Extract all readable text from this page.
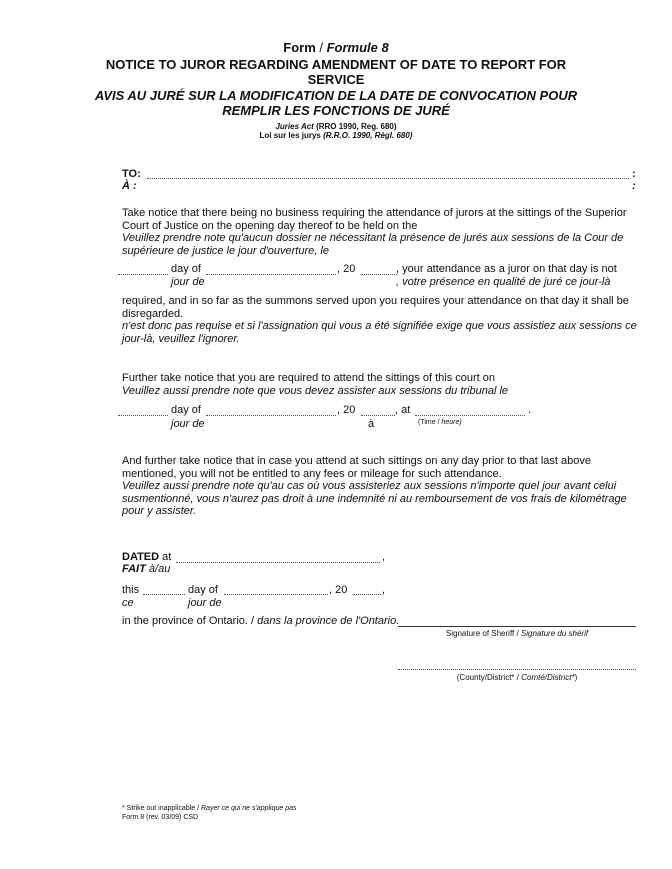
Form / Formule 8
NOTICE TO JUROR REGARDING AMENDMENT OF DATE TO REPORT FOR
SERVICE
AVIS AU JURÉ SUR LA MODIFICATION DE LA DATE DE CONVOCATION POUR
REMPLIR LES FONCTIONS DE JURÉ
Juries Act (RRO 1990, Reg. 680)
Loi sur les jurys (R.R.O. 1990, Règl. 680)
TO:
À :
:
:
Take notice that there being no business requiring the attendance of jurors at the sittings of the Superior Court of Justice on the opening day thereof to be held on the
Veuillez prendre note qu'aucun dossier ne nécessitant la présence de jurés aux sessions de la Cour de supérieure de justice le jour d'ouverture, le
day of	, 20	, your attendance as a juror on that day is not
jour de	, votre présence en qualité de juré ce jour-là
required, and in so far as the summons served upon you requires your attendance on that day it shall be disregarded.
n'est donc pas requise et si l'assignation qui vous a été signifiée exige que vous assistiez aux sessions ce jour-là, veuillez l'ignorer.
Further take notice that you are required to attend the sittings of this court on
Veuillez aussi prendre note que vous devez assister aux sessions du tribunal le
day of	, 20	, at	.
jour de	à	(Time / heure)
And further take notice that in case you attend at such sittings on any day prior to that last above mentioned, you will not be entitled to any fees or mileage for such attendance.
Veuillez aussi prendre note qu'au cas où vous assisteriez aux sessions n'importe quel jour avant celui susmentionné, vous n'aurez pas droit à une indemnité ni au remboursement de vos frais de kilométrage pour y assister.
DATED at
FAIT à/au
,
this	day of	, 20	,
ce	jour de
in the province of Ontario. / dans la province de l'Ontario.
Signature of Sheriff / Signature du shérif
(County/District* / Comté/District*)
* Strike out inapplicable / Rayer ce qui ne s'applique pas
Form 8 (rev. 03/09) CSD
